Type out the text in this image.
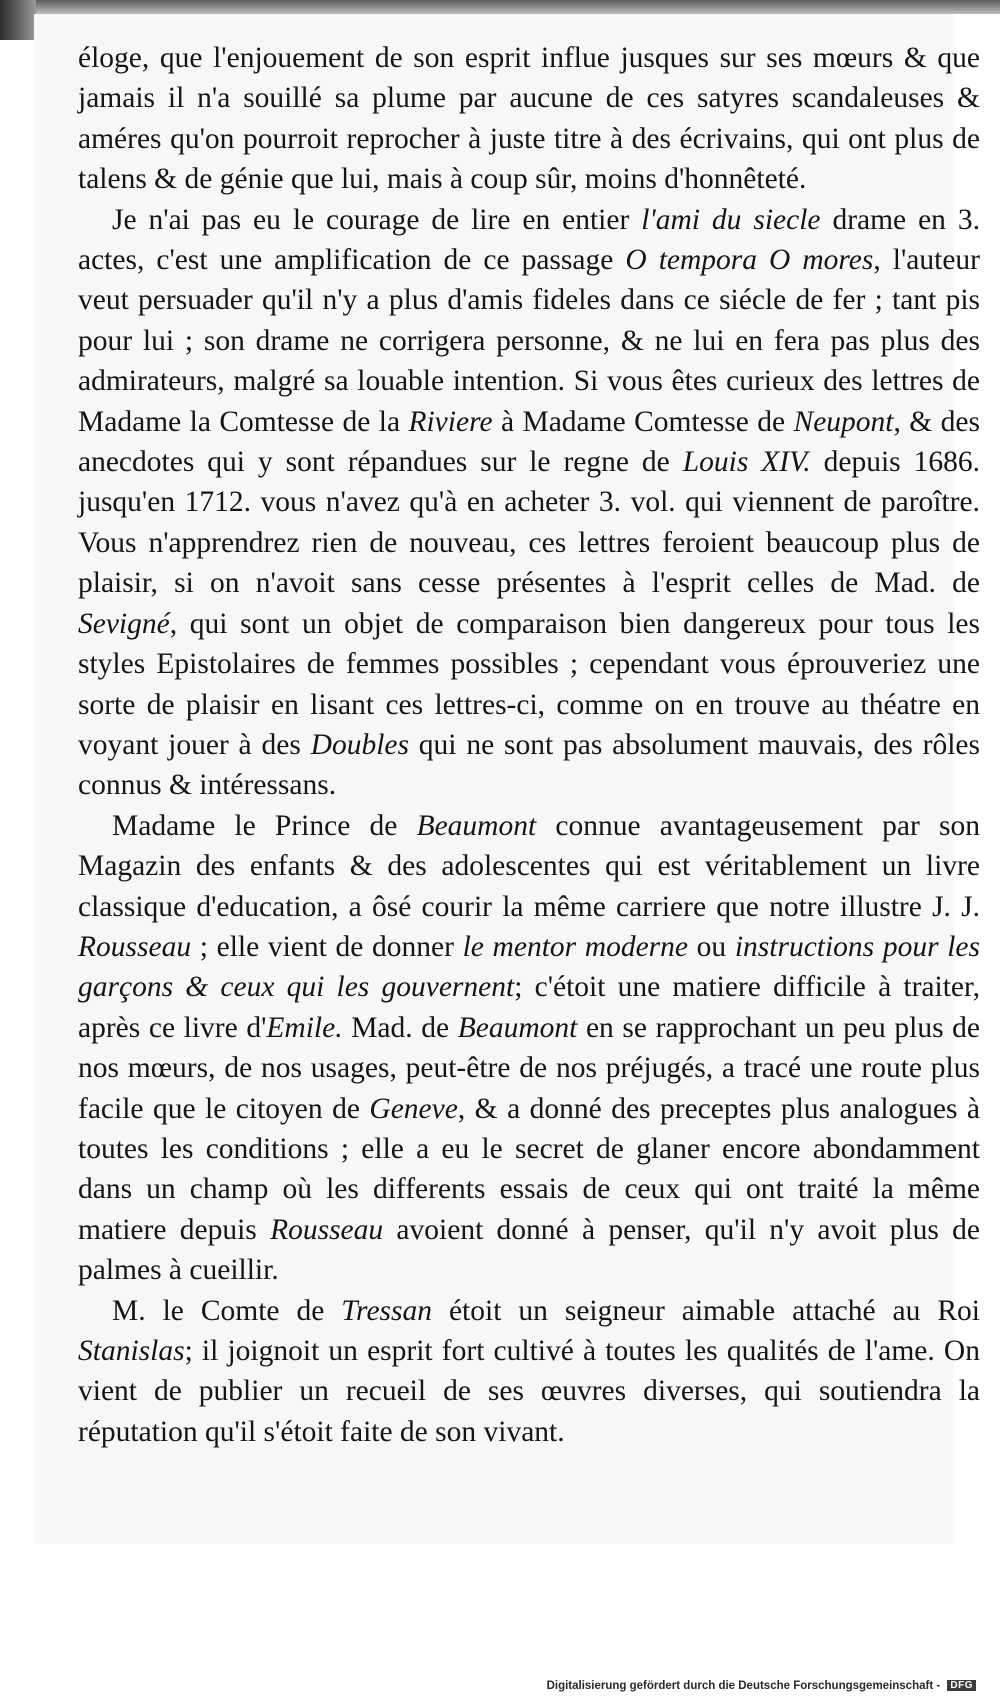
éloge, que l'enjouement de son esprit influe jusques sur ses mœurs & que jamais il n'a souillé sa plume par aucune de ces satyres scandaleuses & améres qu'on pourroit reprocher à juste titre à des écrivains, qui ont plus de talens & de génie que lui, mais à coup sûr, moins d'honnêteté.

Je n'ai pas eu le courage de lire en entier l'ami du siecle drame en 3. actes, c'est une amplification de ce passage O tempora O mores, l'auteur veut persuader qu'il n'y a plus d'amis fideles dans ce siécle de fer ; tant pis pour lui ; son drame ne corrigera personne, & ne lui en fera pas plus des admirateurs, malgré sa louable intention. Si vous êtes curieux des lettres de Madame la Comtesse de la Riviere à Madame Comtesse de Neupont, & des anecdotes qui y sont répandues sur le regne de Louis XIV. depuis 1686. jusqu'en 1712. vous n'avez qu'à en acheter 3. vol. qui viennent de paroître. Vous n'apprendrez rien de nouveau, ces lettres feroient beaucoup plus de plaisir, si on n'avoit sans cesse présentes à l'esprit celles de Mad. de Sevigné, qui sont un objet de comparaison bien dangereux pour tous les styles Epistolaires de femmes possibles ; cependant vous éprouveriez une sorte de plaisir en lisant ces lettres-ci, comme on en trouve au théatre en voyant jouer à des Doubles qui ne sont pas absolument mauvais, des rôles connus & intéressans.

Madame le Prince de Beaumont connue avantageusement par son Magazin des enfants & des adolescentes qui est véritablement un livre classique d'education, a ôsé courir la même carriere que notre illustre J. J. Rousseau ; elle vient de donner le mentor moderne ou instructions pour les garçons & ceux qui les gouvernent; c'étoit une matiere difficile à traiter, après ce livre d'Emile. Mad. de Beaumont en se rapprochant un peu plus de nos mœurs, de nos usages, peut-être de nos préjugés, a tracé une route plus facile que le citoyen de Geneve, & a donné des preceptes plus analogues à toutes les conditions ; elle a eu le secret de glaner encore abondamment dans un champ où les differents essais de ceux qui ont traité la même matiere depuis Rousseau avoient donné à penser, qu'il n'y avoit plus de palmes à cueillir.

M. le Comte de Tressan étoit un seigneur aimable attaché au Roi Stanislas; il joignoit un esprit fort cultivé à toutes les qualités de l'ame. On vient de publier un recueil de ses œuvres diverses, qui soutiendra la réputation qu'il s'étoit faite de son vivant.

Digitalisierung gefördert durch die Deutsche Forschungsgemeinschaft - DFG
